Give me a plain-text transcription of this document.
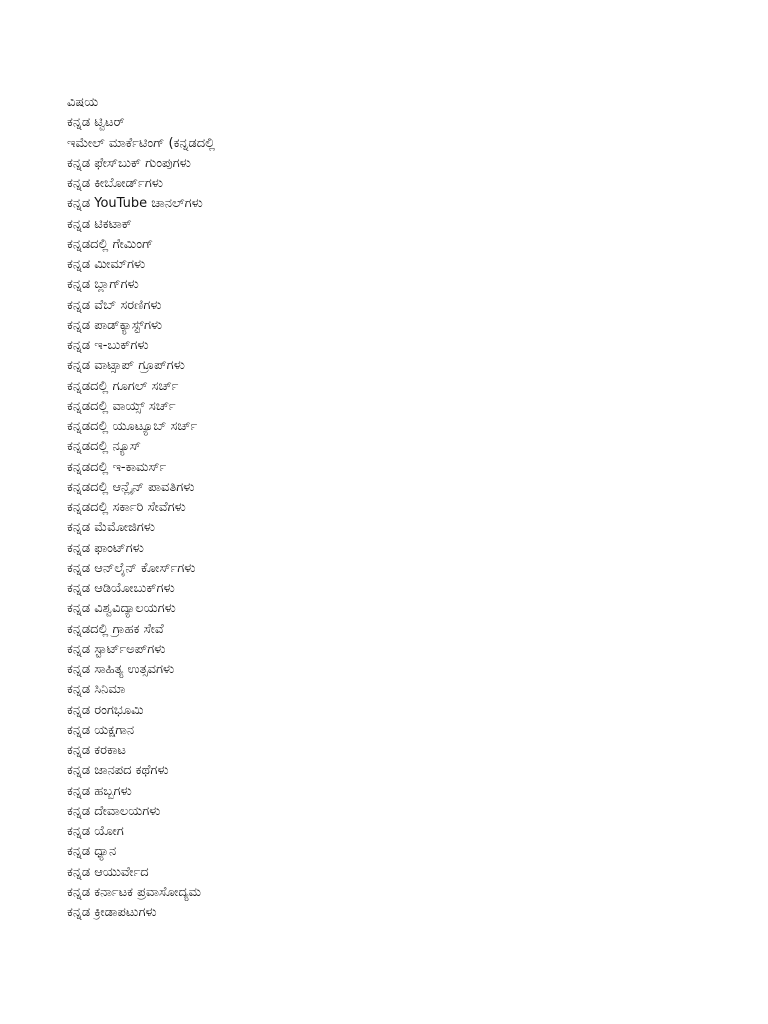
ವಿಷಯ
ಕನ್ನಡ ಟ್ವಿಟರ್
ಇಮೇಲ್ ಮಾರ್ಕೆಟಿಂಗ್ (ಕನ್ನಡದಲ್ಲಿ
ಕನ್ನಡ ಫೇಸ್‌ಬುಕ್ ಗುಂಪುಗಳು
ಕನ್ನಡ ಕೀಬೋರ್ಡ್‌ಗಳು
ಕನ್ನಡ YouTube ಚಾನಲ್‌ಗಳು
ಕನ್ನಡ ಟಿಕಟಾಕ್
ಕನ್ನಡದಲ್ಲಿ ಗೇಮಿಂಗ್
ಕನ್ನಡ ಮೀಮ್‌ಗಳು
ಕನ್ನಡ ಬ್ಲಾಗ್‌ಗಳು
ಕನ್ನಡ ವೆಬ್ ಸರಣಿಗಳು
ಕನ್ನಡ ಪಾಡ್‌ಕ್ಯಾಸ್ಟ್‌ಗಳು
ಕನ್ನಡ ಇ-ಬುಕ್‌ಗಳು
ಕನ್ನಡ ವಾಟ್ಸಾಪ್ ಗ್ರೂಪ್‌ಗಳು
ಕನ್ನಡದಲ್ಲಿ ಗೂಗಲ್ ಸರ್ಚ್
ಕನ್ನಡದಲ್ಲಿ ವಾಯ್ಸ್ ಸರ್ಚ್
ಕನ್ನಡದಲ್ಲಿ ಯೂಟ್ಯೂಬ್ ಸರ್ಚ್
ಕನ್ನಡದಲ್ಲಿ ನ್ಯೂಸ್
ಕನ್ನಡದಲ್ಲಿ ಇ-ಕಾಮರ್ಸ್
ಕನ್ನಡದಲ್ಲಿ ಆನ್ಲೈನ್ ಪಾವತಿಗಳು
ಕನ್ನಡದಲ್ಲಿ ಸರ್ಕಾರಿ ಸೇವೆಗಳು
ಕನ್ನಡ ಮೆಮೋಜಿಗಳು
ಕನ್ನಡ ಫಾಂಟ್‌ಗಳು
ಕನ್ನಡ ಆನ್‌ಲೈನ್ ಕೋರ್ಸ್‌ಗಳು
ಕನ್ನಡ ಆಡಿಯೋಬುಕ್‌ಗಳು
ಕನ್ನಡ ವಿಶ್ವವಿದ್ಯಾಲಯಗಳು
ಕನ್ನಡದಲ್ಲಿ ಗ್ರಾಹಕ ಸೇವೆ
ಕನ್ನಡ ಸ್ಟಾರ್ಟ್‌ಅಪ್‌ಗಳು
ಕನ್ನಡ ಸಾಹಿತ್ಯ ಉತ್ಸವಗಳು
ಕನ್ನಡ ಸಿನಿಮಾ
ಕನ್ನಡ ರಂಗಭೂಮಿ
ಕನ್ನಡ ಯಕ್ಷಗಾನ
ಕನ್ನಡ ಕರಕಾಟ
ಕನ್ನಡ ಜಾನಪದ ಕಥೆಗಳು
ಕನ್ನಡ ಹಬ್ಬಗಳು
ಕನ್ನಡ ದೇವಾಲಯಗಳು
ಕನ್ನಡ ಯೋಗ
ಕನ್ನಡ ಧ್ಯಾನ
ಕನ್ನಡ ಆಯುರ್ವೇದ
ಕನ್ನಡ ಕರ್ನಾಟಕ ಪ್ರವಾಸೋದ್ಯಮ
ಕನ್ನಡ ಕ್ರೀಡಾಪಟುಗಳು
